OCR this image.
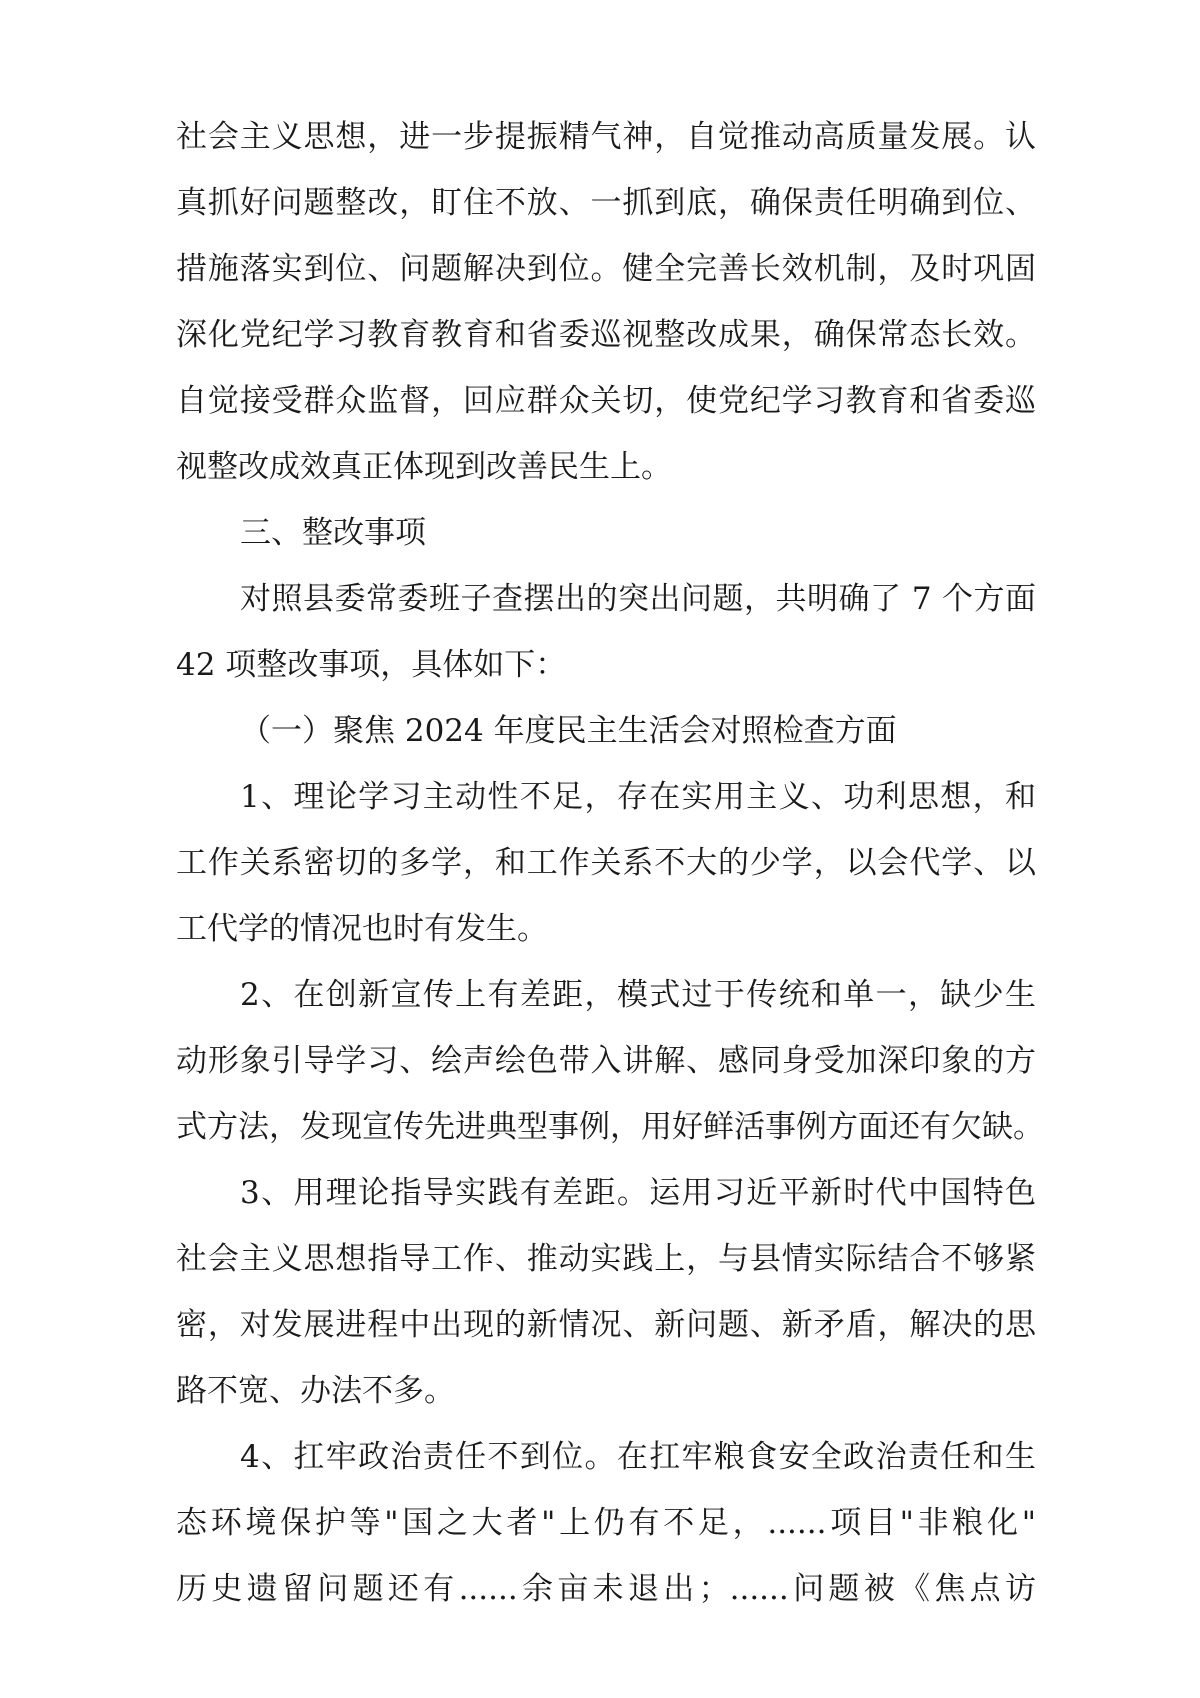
社会主义思想，进一步提振精气神，自觉推动高质量发展。认
真抓好问题整改，盯住不放、一抓到底，确保责任明确到位、
措施落实到位、问题解决到位。健全完善长效机制，及时巩固
深化党纪学习教育教育和省委巡视整改成果，确保常态长效。
自觉接受群众监督，回应群众关切，使党纪学习教育和省委巡
视整改成效真正体现到改善民生上。
三、整改事项
对照县委常委班子查摆出的突出问题，共明确了 7 个方面
42 项整改事项，具体如下：
（一）聚焦 2024 年度民主生活会对照检查方面
1、理论学习主动性不足，存在实用主义、功利思想，和
工作关系密切的多学，和工作关系不大的少学，以会代学、以
工代学的情况也时有发生。
2、在创新宣传上有差距，模式过于传统和单一，缺少生
动形象引导学习、绘声绘色带入讲解、感同身受加深印象的方
式方法，发现宣传先进典型事例，用好鲜活事例方面还有欠缺。
3、用理论指导实践有差距。运用习近平新时代中国特色
社会主义思想指导工作、推动实践上，与县情实际结合不够紧
密，对发展进程中出现的新情况、新问题、新矛盾，解决的思
路不宽、办法不多。
4、扛牢政治责任不到位。在扛牢粮食安全政治责任和生
态环境保护等"国之大者"上仍有不足，......项目"非粮化"
历史遗留问题还有......余亩未退出；......问题被《焦点访
